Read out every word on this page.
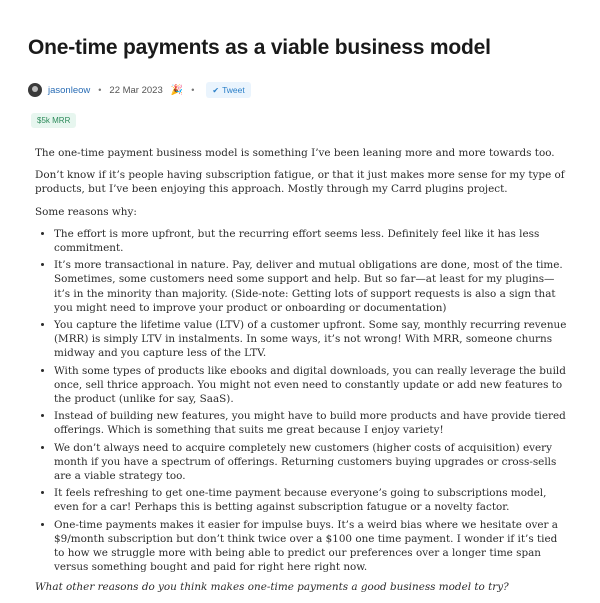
One-time payments as a viable business model
jasonleow • 22 Mar 2023 🎉 • ✔ Tweet
$5k MRR

The one-time payment business model is something I’ve been leaning more and more towards too.

Don’t know if it’s people having subscription fatigue, or that it just makes more sense for my type of products, but I’ve been enjoying this approach. Mostly through my Carrd plugins project.

Some reasons why:

• The effort is more upfront, but the recurring effort seems less. Definitely feel like it has less commitment.
• It’s more transactional in nature. Pay, deliver and mutual obligations are done, most of the time. Sometimes, some customers need some support and help. But so far—at least for my plugins—it’s in the minority than majority. (Side-note: Getting lots of support requests is also a sign that you might need to improve your product or onboarding or documentation)
• You capture the lifetime value (LTV) of a customer upfront. Some say, monthly recurring revenue (MRR) is simply LTV in instalments. In some ways, it’s not wrong! With MRR, someone churns midway and you capture less of the LTV.
• With some types of products like ebooks and digital downloads, you can really leverage the build once, sell thrice approach. You might not even need to constantly update or add new features to the product (unlike for say, SaaS).
• Instead of building new features, you might have to build more products and have provide tiered offerings. Which is something that suits me great because I enjoy variety!
• We don’t always need to acquire completely new customers (higher costs of acquisition) every month if you have a spectrum of offerings. Returning customers buying upgrades or cross-sells are a viable strategy too.
• It feels refreshing to get one-time payment because everyone’s going to subscriptions model, even for a car! Perhaps this is betting against subscription fatugue or a novelty factor.
• One-time payments makes it easier for impulse buys. It’s a weird bias where we hesitate over a $9/month subscription but don’t think twice over a $100 one time payment. I wonder if it’s tied to how we struggle more with being able to predict our preferences over a longer time span versus something bought and paid for right here right now.

What other reasons do you think makes one-time payments a good business model to try?
